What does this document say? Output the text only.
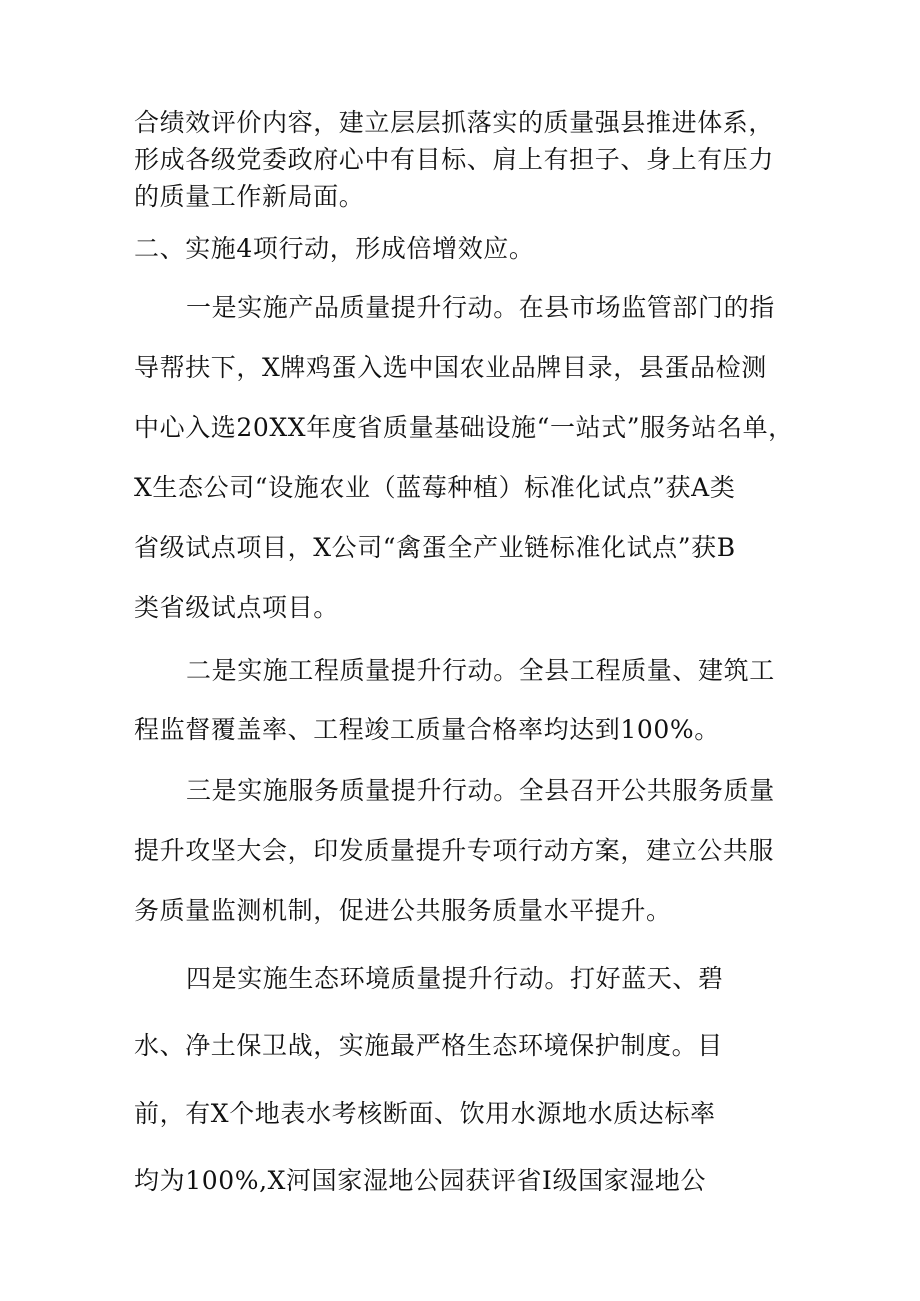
合绩效评价内容，建立层层抓落实的质量强县推进体系，
形成各级党委政府心中有目标、肩上有担子、身上有压力
的质量工作新局面。
二、实施4项行动，形成倍增效应。
一是实施产品质量提升行动。在县市场监管部门的指
导帮扶下，X牌鸡蛋入选中国农业品牌目录，县蛋品检测
中心入选20XX年度省质量基础设施“一站式”服务站名单，
X生态公司“设施农业（蓝莓种植）标准化试点”获A类
省级试点项目，X公司“禽蛋全产业链标准化试点”获B
类省级试点项目。
二是实施工程质量提升行动。全县工程质量、建筑工
程监督覆盖率、工程竣工质量合格率均达到100%。
三是实施服务质量提升行动。全县召开公共服务质量
提升攻坚大会，印发质量提升专项行动方案，建立公共服
务质量监测机制，促进公共服务质量水平提升。
四是实施生态环境质量提升行动。打好蓝天、碧
水、净土保卫战，实施最严格生态环境保护制度。目
前，有X个地表水考核断面、饮用水源地水质达标率
均为100%,X河国家湿地公园获评省Ⅰ级国家湿地公
